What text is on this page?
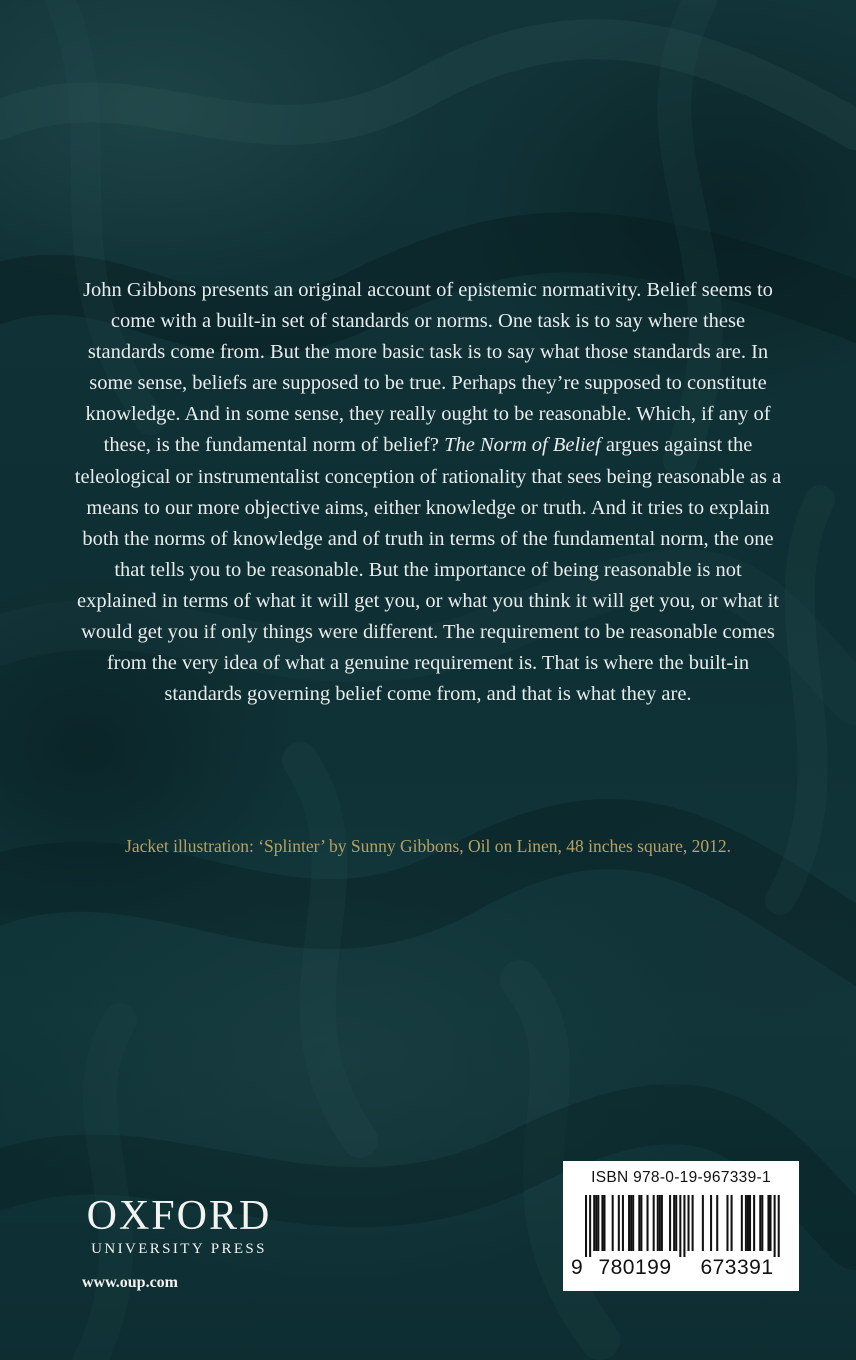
John Gibbons presents an original account of epistemic normativity. Belief seems to come with a built-in set of standards or norms. One task is to say where these standards come from. But the more basic task is to say what those standards are. In some sense, beliefs are supposed to be true. Perhaps they’re supposed to constitute knowledge. And in some sense, they really ought to be reasonable. Which, if any of these, is the fundamental norm of belief? The Norm of Belief argues against the teleological or instrumentalist conception of rationality that sees being reasonable as a means to our more objective aims, either knowledge or truth. And it tries to explain both the norms of knowledge and of truth in terms of the fundamental norm, the one that tells you to be reasonable. But the importance of being reasonable is not explained in terms of what it will get you, or what you think it will get you, or what it would get you if only things were different. The requirement to be reasonable comes from the very idea of what a genuine requirement is. That is where the built-in standards governing belief come from, and that is what they are.

Jacket illustration: ‘Splinter’ by Sunny Gibbons, Oil on Linen, 48 inches square, 2012.

OXFORD
UNIVERSITY PRESS
www.oup.com
ISBN 978-0-19-967339-1
9 780199	673391
